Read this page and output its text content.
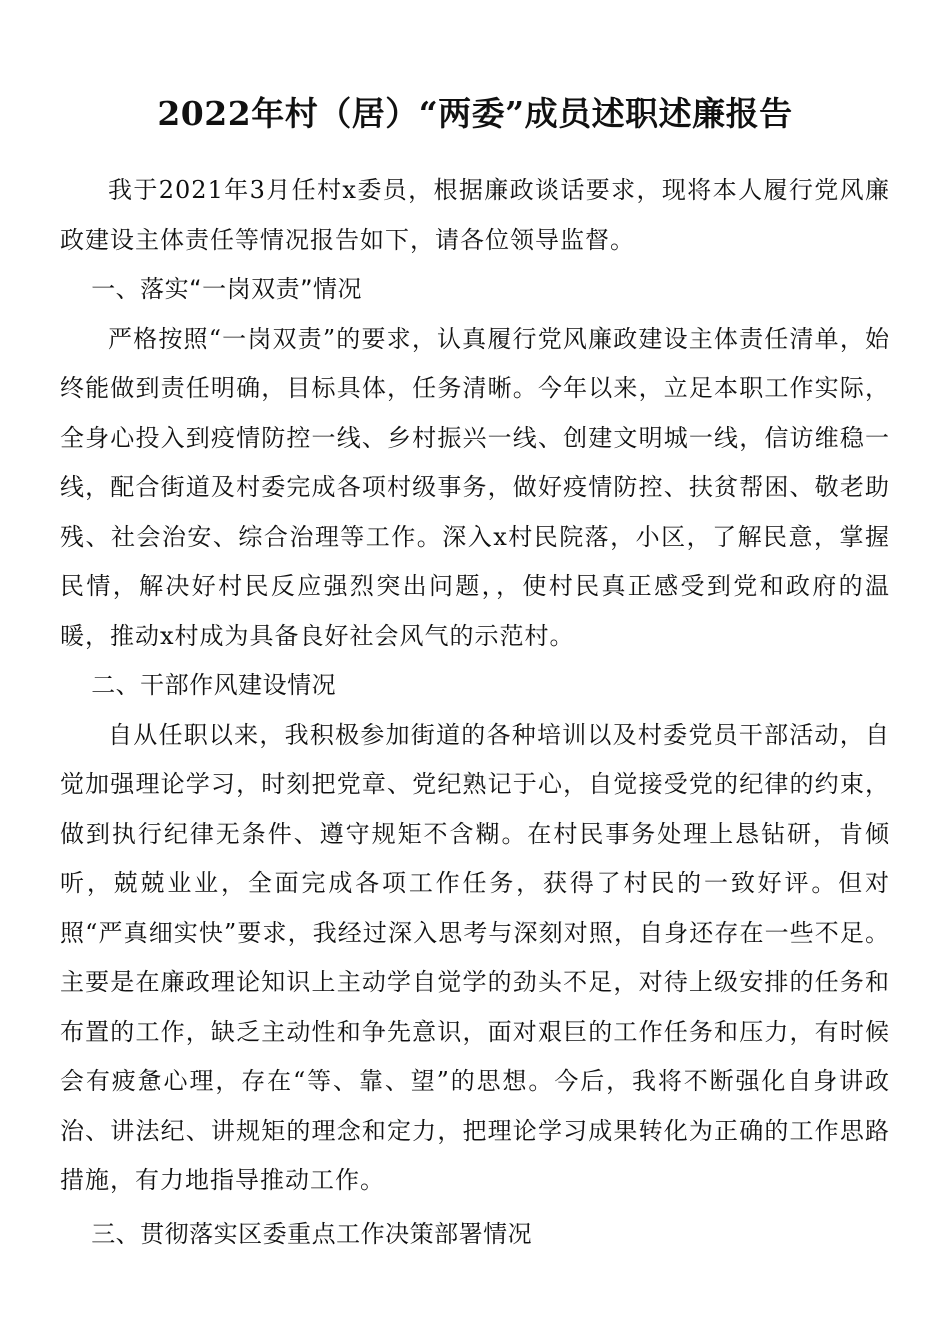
2022年村（居）“两委”成员述职述廉报告

我于2021年3月任村x委员，根据廉政谈话要求，现将本人履行党风廉政建设主体责任等情况报告如下，请各位领导监督。

一、落实“一岗双责”情况

严格按照“一岗双责”的要求，认真履行党风廉政建设主体责任清单，始终能做到责任明确，目标具体，任务清晰。今年以来，立足本职工作实际，全身心投入到疫情防控一线、乡村振兴一线、创建文明城一线，信访维稳一线，配合街道及村委完成各项村级事务，做好疫情防控、扶贫帮困、敬老助残、社会治安、综合治理等工作。深入x村民院落，小区，了解民意，掌握民情，解决好村民反应强烈突出问题，，使村民真正感受到党和政府的温暖，推动x村成为具备良好社会风气的示范村。

二、干部作风建设情况

自从任职以来，我积极参加街道的各种培训以及村委党员干部活动，自觉加强理论学习，时刻把党章、党纪熟记于心，自觉接受党的纪律的约束，做到执行纪律无条件、遵守规矩不含糊。在村民事务处理上恳钻研，肯倾听，兢兢业业，全面完成各项工作任务，获得了村民的一致好评。但对照“严真细实快”要求，我经过深入思考与深刻对照，自身还存在一些不足。主要是在廉政理论知识上主动学自觉学的劲头不足，对待上级安排的任务和布置的工作，缺乏主动性和争先意识，面对艰巨的工作任务和压力，有时候会有疲惫心理，存在“等、靠、望”的思想。今后，我将不断强化自身讲政治、讲法纪、讲规矩的理念和定力，把理论学习成果转化为正确的工作思路措施，有力地指导推动工作。

三、贯彻落实区委重点工作决策部署情况
